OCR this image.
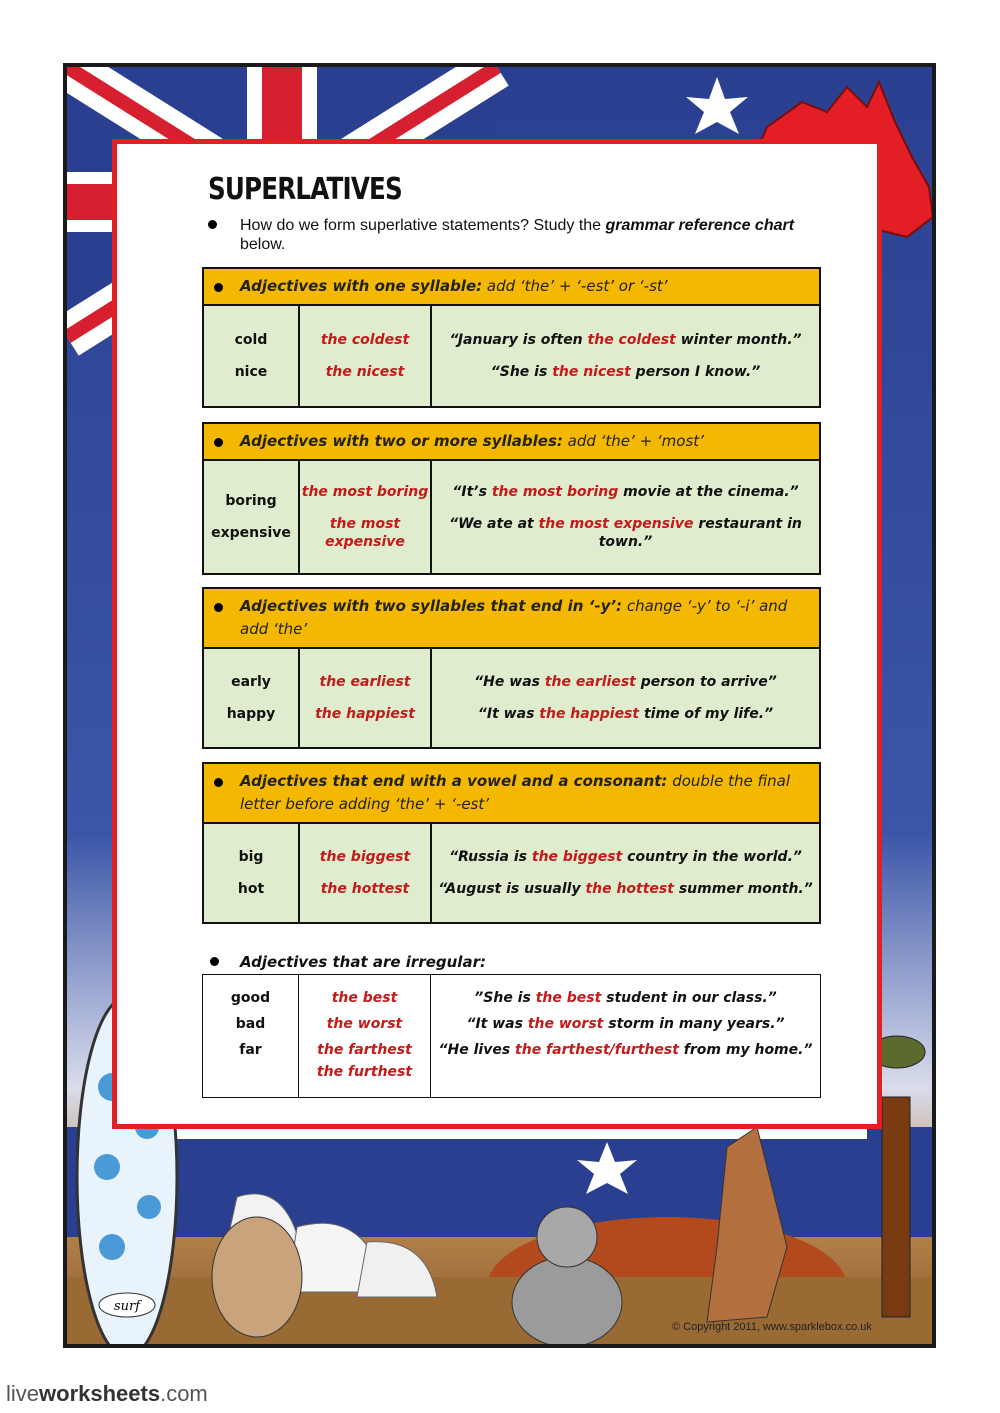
surf
SUPERLATIVES
How do we form superlative statements? Study the grammar reference chart below.
Adjectives with one syllable: add ‘the’ + ‘-est’ or ‘-st’
cold
nice
the coldest
the nicest
“January is often the coldest winter month.”
“She is the nicest person I know.”
Adjectives with two or more syllables: add ‘the’ + ‘most’
boring
expensive
the most boring
the most expensive
“It’s the most boring movie at the cinema.”
“We ate at the most expensive restaurant in town.”
Adjectives with two syllables that end in ‘-y’: change ‘-y’ to ‘-i’ and add ‘the’
early
happy
the earliest
the happiest
“He was the earliest person to arrive”
“It was the happiest time of my life.”
Adjectives that end with a vowel and a consonant: double the final letter before adding ‘the’ + ‘-est’
big
hot
the biggest
the hottest
“Russia is the biggest country in the world.”
“August is usually the hottest summer month.”
Adjectives that are irregular:
good
bad
far
the best
the worst
the farthest
the furthest
”She is the best student in our class.”
“It was the worst storm in many years.”
“He lives the farthest/furthest from my home.”
© Copyright 2011, www.sparklebox.co.uk
liveworksheets.com
